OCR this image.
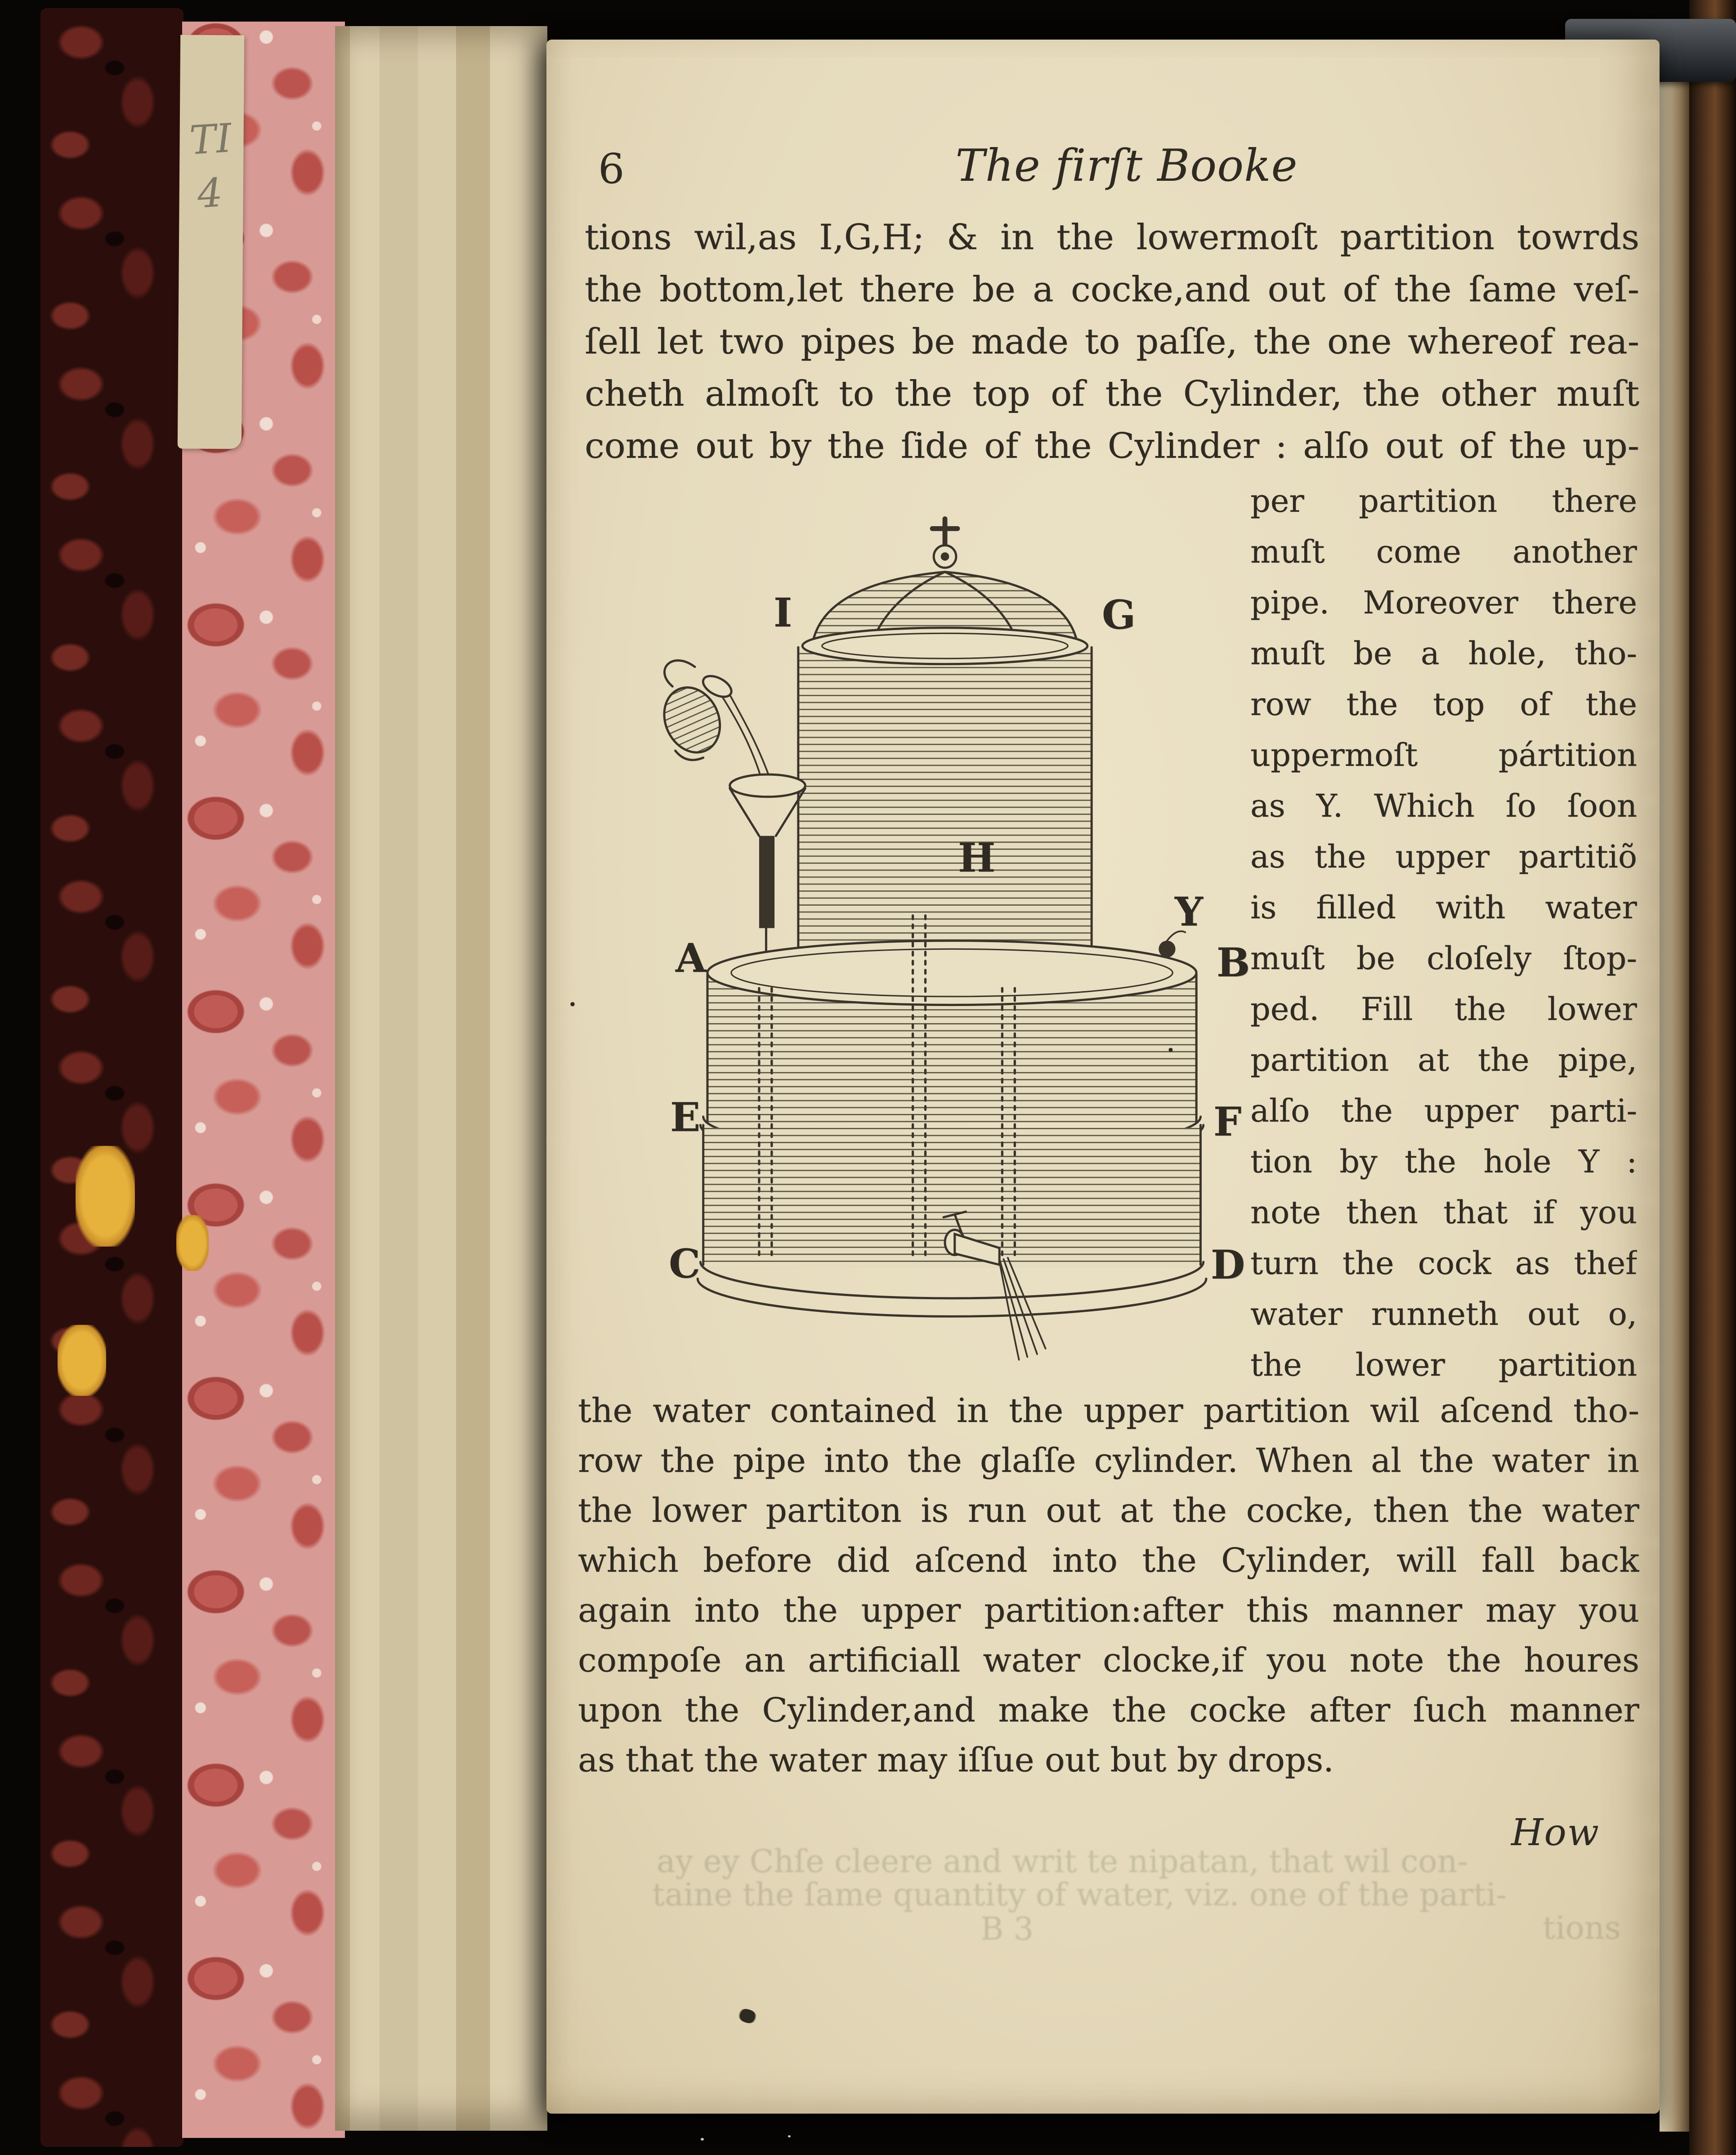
TI
4
6	The firſt Booke
tions wil,as I,G,H; & in the lowermoſt partition towrds
the bottom,let there be a cocke,and out of the ſame veſ-
ſell let two pipes be made to paſſe, the one whereof rea-
cheth almoſt to the top of the Cylinder, the other muſt
come out by the ſide of the Cylinder : alſo out of the up-
I	G
H
Y
A	B
E	F
C	D
per partition there
muſt come another
pipe. Moreover there
muſt be a hole, tho-
row the top of the
uppermoſt pártition
as Y. Which ſo ſoon
as the upper partitiõ
is filled with water
muſt be cloſely ſtop-
ped. Fill the lower
partition at the pipe,
alſo the upper parti-
tion by the hole Y :
note then that if you
turn the cock as thef
water runneth out o,
the lower partition
the water contained in the upper partition wil aſcend tho-
row the pipe into the glaſſe cylinder. When al the water in
the lower partiton is run out at the cocke, then the water
which before did aſcend into the Cylinder, will fall back
again into the upper partition:after this manner may you
compoſe an artificiall water clocke,if you note the houres
upon the Cylinder,and make the cocke after ſuch manner
as that the water may iſſue out but by drops.
How
ay ey Chſe cleere and writ te nipatan, that wil con-
taine the ſame quantity of water, viz. one of the parti-
B 3	tions
